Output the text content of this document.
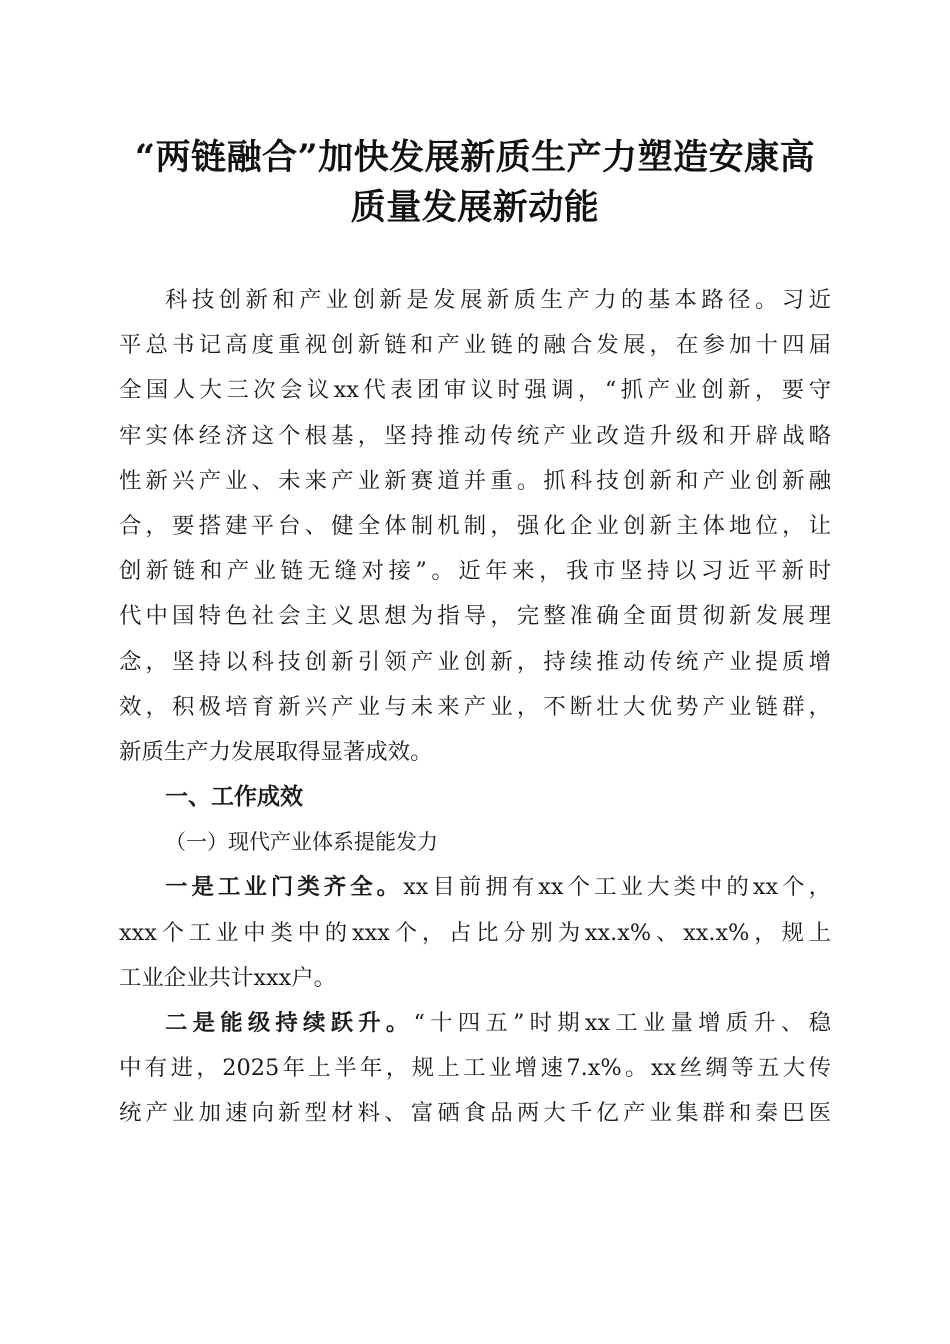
“两链融合”加快发展新质生产力塑造安康高
质量发展新动能
科技创新和产业创新是发展新质生产力的基本路径。习近
平总书记高度重视创新链和产业链的融合发展，在参加十四届
全国人大三次会议xx代表团审议时强调，“抓产业创新，要守
牢实体经济这个根基，坚持推动传统产业改造升级和开辟战略
性新兴产业、未来产业新赛道并重。抓科技创新和产业创新融
合，要搭建平台、健全体制机制，强化企业创新主体地位，让
创新链和产业链无缝对接”。近年来，我市坚持以习近平新时
代中国特色社会主义思想为指导，完整准确全面贯彻新发展理
念，坚持以科技创新引领产业创新，持续推动传统产业提质增
效，积极培育新兴产业与未来产业，不断壮大优势产业链群，
新质生产力发展取得显著成效。
一、工作成效
（一）现代产业体系提能发力
一是工业门类齐全。xx目前拥有xx个工业大类中的xx个，
xxx个工业中类中的xxx个，占比分别为xx.x%、xx.x%，规上
工业企业共计xxx户。
二是能级持续跃升。“十四五”时期xx工业量增质升、稳
中有进，2025年上半年，规上工业增速7.x%。xx丝绸等五大传
统产业加速向新型材料、富硒食品两大千亿产业集群和秦巴医
